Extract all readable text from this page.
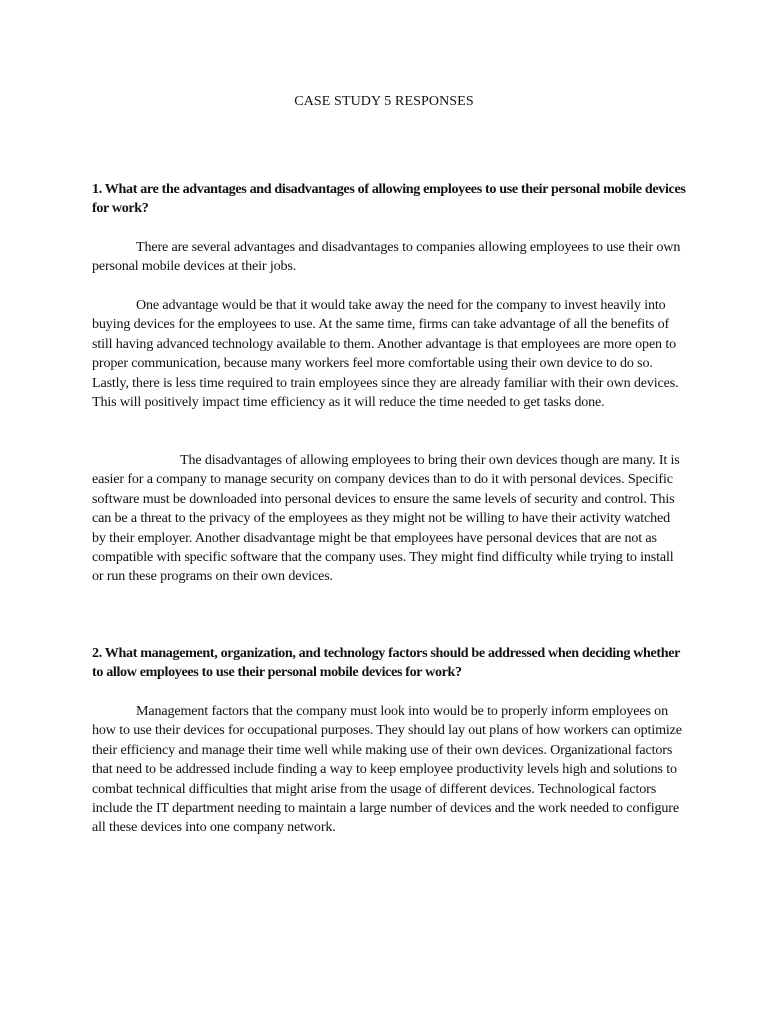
CASE STUDY 5 RESPONSES
1. What are the advantages and disadvantages of allowing employees to use their personal mobile devices for work?
There are several advantages and disadvantages to companies allowing employees to use their own personal mobile devices at their jobs.
One advantage would be that it would take away the need for the company to invest heavily into buying devices for the employees to use. At the same time, firms can take advantage of all the benefits of still having advanced technology available to them. Another advantage is that employees are more open to proper communication, because many workers feel more comfortable using their own device to do so. Lastly, there is less time required to train employees since they are already familiar with their own devices. This will positively impact time efficiency as it will reduce the time needed to get tasks done.
The disadvantages of allowing employees to bring their own devices though are many. It is easier for a company to manage security on company devices than to do it with personal devices. Specific software must be downloaded into personal devices to ensure the same levels of security and control. This can be a threat to the privacy of the employees as they might not be willing to have their activity watched by their employer. Another disadvantage might be that employees have personal devices that are not as compatible with specific software that the company uses. They might find difficulty while trying to install or run these programs on their own devices.
2. What management, organization, and technology factors should be addressed when deciding whether to allow employees to use their personal mobile devices for work?
Management factors that the company must look into would be to properly inform employees on how to use their devices for occupational purposes. They should lay out plans of how workers can optimize their efficiency and manage their time well while making use of their own devices. Organizational factors that need to be addressed include finding a way to keep employee productivity levels high and solutions to combat technical difficulties that might arise from the usage of different devices. Technological factors include the IT department needing to maintain a large number of devices and the work needed to configure all these devices into one company network.
